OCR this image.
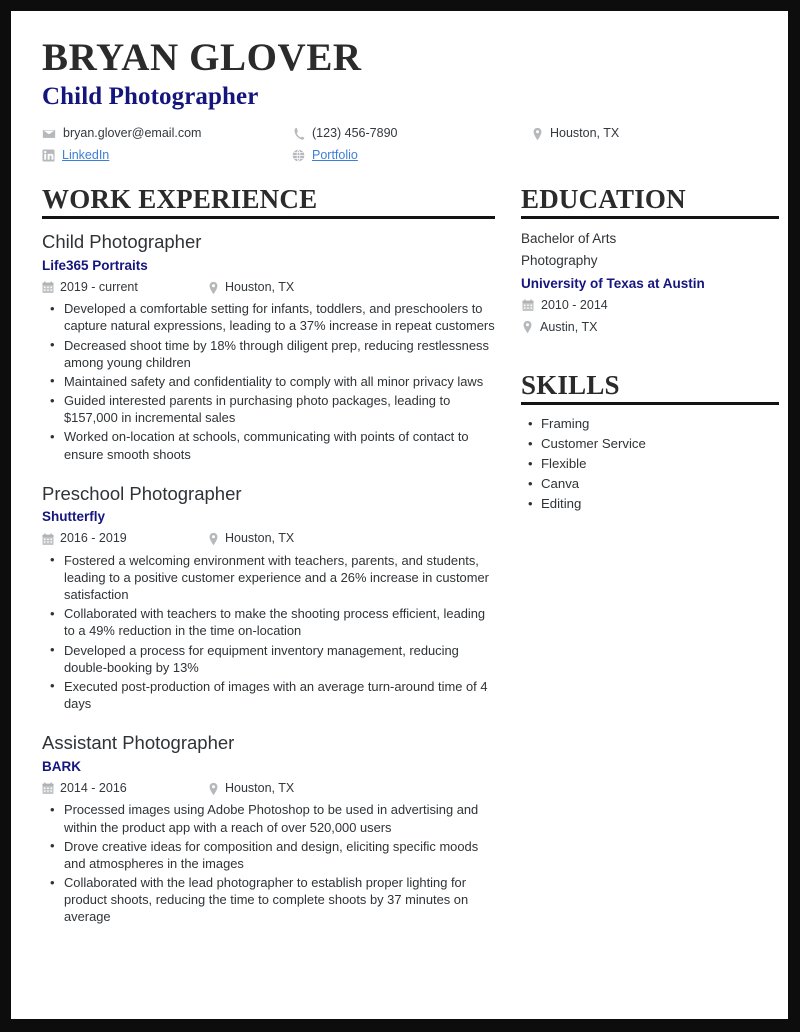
BRYAN GLOVER
Child Photographer
bryan.glover@email.com	(123) 456-7890	Houston, TX
LinkedIn	Portfolio
WORK EXPERIENCE
Child Photographer
Life365 Portraits
2019 - current	Houston, TX
• Developed a comfortable setting for infants, toddlers, and preschoolers to capture natural expressions, leading to a 37% increase in repeat customers
• Decreased shoot time by 18% through diligent prep, reducing restlessness among young children
• Maintained safety and confidentiality to comply with all minor privacy laws
• Guided interested parents in purchasing photo packages, leading to $157,000 in incremental sales
• Worked on-location at schools, communicating with points of contact to ensure smooth shoots
Preschool Photographer
Shutterfly
2016 - 2019	Houston, TX
• Fostered a welcoming environment with teachers, parents, and students, leading to a positive customer experience and a 26% increase in customer satisfaction
• Collaborated with teachers to make the shooting process efficient, leading to a 49% reduction in the time on-location
• Developed a process for equipment inventory management, reducing double-booking by 13%
• Executed post-production of images with an average turn-around time of 4 days
Assistant Photographer
BARK
2014 - 2016	Houston, TX
• Processed images using Adobe Photoshop to be used in advertising and within the product app with a reach of over 520,000 users
• Drove creative ideas for composition and design, eliciting specific moods and atmospheres in the images
• Collaborated with the lead photographer to establish proper lighting for product shoots, reducing the time to complete shoots by 37 minutes on average
EDUCATION
Bachelor of Arts
Photography
University of Texas at Austin
2010 - 2014
Austin, TX
SKILLS
• Framing
• Customer Service
• Flexible
• Canva
• Editing
